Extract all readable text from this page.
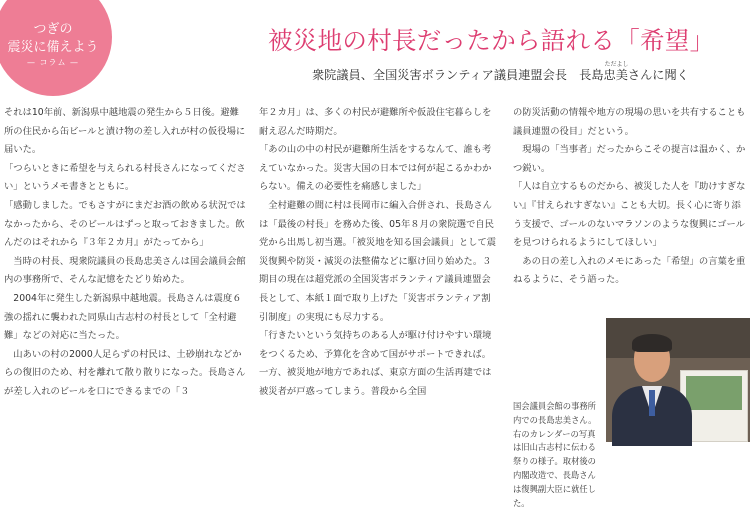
つぎの
震災に備えよう
— コラム —
被災地の村長だったから語れる「希望」
衆院議員、全国災害ボランティア議員連盟会長　長島忠
ただよし
美さんに聞く

それは10年前、新潟県中越地震の発生から５日後。避難所の住民から缶ビールと漬け物の差し入れが村の仮役場に届いた。

「つらいときに希望を与えられる村長さんになってください」というメモ書きとともに。

「感動しました。でもさすがにまだお酒の飲める状況ではなかったから、そのビールはずっと取っておきました。飲んだのはそれから『３年２カ月』がたってから」

　当時の村長、現衆院議員の長島忠美さんは国会議員会館内の事務所で、そんな記憶をたどり始めた。

　2004年に発生した新潟県中越地震。長島さんは震度６強の揺れに襲われた同県山古志村の村長として「全村避難」などの対応に当たった。

　山あいの村の2000人足らずの村民は、土砂崩れなどからの復旧のため、村を離れて散り散りになった。長島さんが差し入れのビールを口にできるまでの「３

年２カ月」は、多くの村民が避難所や仮設住宅暮らしを耐え忍んだ時期だ。

「あの山の中の村民が避難所生活をするなんて、誰も考えていなかった。災害大国の日本では何が起こるかわからない。備えの必要性を痛感しました」

　全村避難の間に村は長岡市に編入合併され、長島さんは「最後の村長」を務めた後、05年８月の衆院選で自民党から出馬し初当選。「被災地を知る国会議員」として震災復興や防災・減災の法整備などに駆け回り始めた。３期目の現在は超党派の全国災害ボランティア議員連盟会長として、本紙１面で取り上げた「災害ボランティア割引制度」の実現にも尽力する。

「行きたいという気持ちのある人が駆け付けやすい環境をつくるため、予算化を含めて国がサポートできれば。一方、被災地が地方であれば、東京方面の生活再建では被災者が戸惑ってしまう。普段から全国

の防災活動の情報や地方の現場の思いを共有することも議員連盟の役目」だという。

　現場の「当事者」だったからこその提言は温かく、かつ鋭い。

「人は自立するものだから、被災した人を『助けすぎない』『甘えられすぎない』ことも大切。長く心に寄り添う支援で、ゴールのないマラソンのような復興にゴールを見つけられるようにしてほしい」

　あの日の差し入れのメモにあった「希望」の言葉を重ねるように、そう語った。

国会議員会館の事務所内での長島忠美さん。右のカレンダーの写真は旧山古志村に伝わる祭りの様子。取材後の内閣改造で、長島さんは復興副大臣に就任した。
